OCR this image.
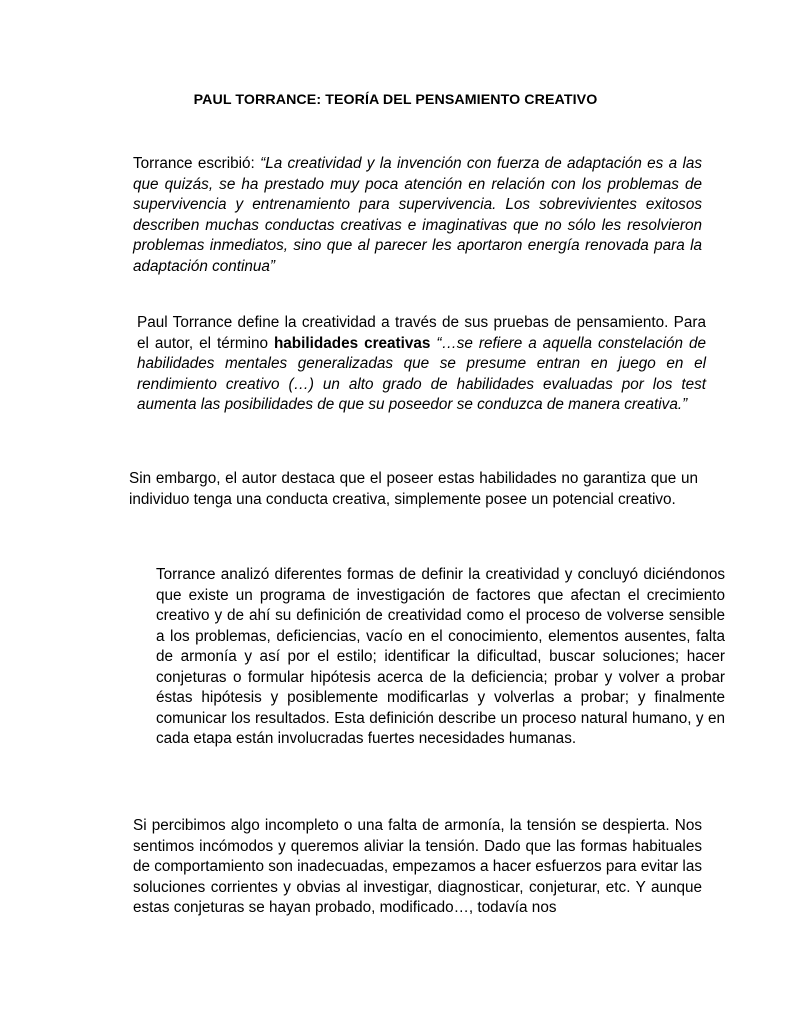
PAUL TORRANCE: TEORÍA DEL PENSAMIENTO CREATIVO

Torrance escribió: “La creatividad y la invención con fuerza de adaptación es a las que quizás, se ha prestado muy poca atención en relación con los problemas de supervivencia y entrenamiento para supervivencia. Los sobrevivientes exitosos describen muchas conductas creativas e imaginativas que no sólo les resolvieron problemas inmediatos, sino que al parecer les aportaron energía renovada para la adaptación continua”

Paul Torrance define la creatividad a través de sus pruebas de pensamiento. Para el autor, el término habilidades creativas “…se refiere a aquella constelación de habilidades mentales generalizadas que se presume entran en juego en el rendimiento creativo (…) un alto grado de habilidades evaluadas por los test aumenta las posibilidades de que su poseedor se conduzca de manera creativa.”

Sin embargo, el autor destaca que el poseer estas habilidades no garantiza que un individuo tenga una conducta creativa, simplemente posee un potencial creativo.

Torrance analizó diferentes formas de definir la creatividad y concluyó diciéndonos que existe un programa de investigación de factores que afectan el crecimiento creativo y de ahí su definición de creatividad como el proceso de volverse sensible a los problemas, deficiencias, vacío en el conocimiento, elementos ausentes, falta de armonía y así por el estilo; identificar la dificultad, buscar soluciones; hacer conjeturas o formular hipótesis acerca de la deficiencia; probar y volver a probar éstas hipótesis y posiblemente modificarlas y volverlas a probar; y finalmente comunicar los resultados. Esta definición describe un proceso natural humano, y en cada etapa están involucradas fuertes necesidades humanas.

Si percibimos algo incompleto o una falta de armonía, la tensión se despierta. Nos sentimos incómodos y queremos aliviar la tensión. Dado que las formas habituales de comportamiento son inadecuadas, empezamos a hacer esfuerzos para evitar las soluciones corrientes y obvias al investigar, diagnosticar, conjeturar, etc. Y aunque estas conjeturas se hayan probado, modificado…, todavía nos
